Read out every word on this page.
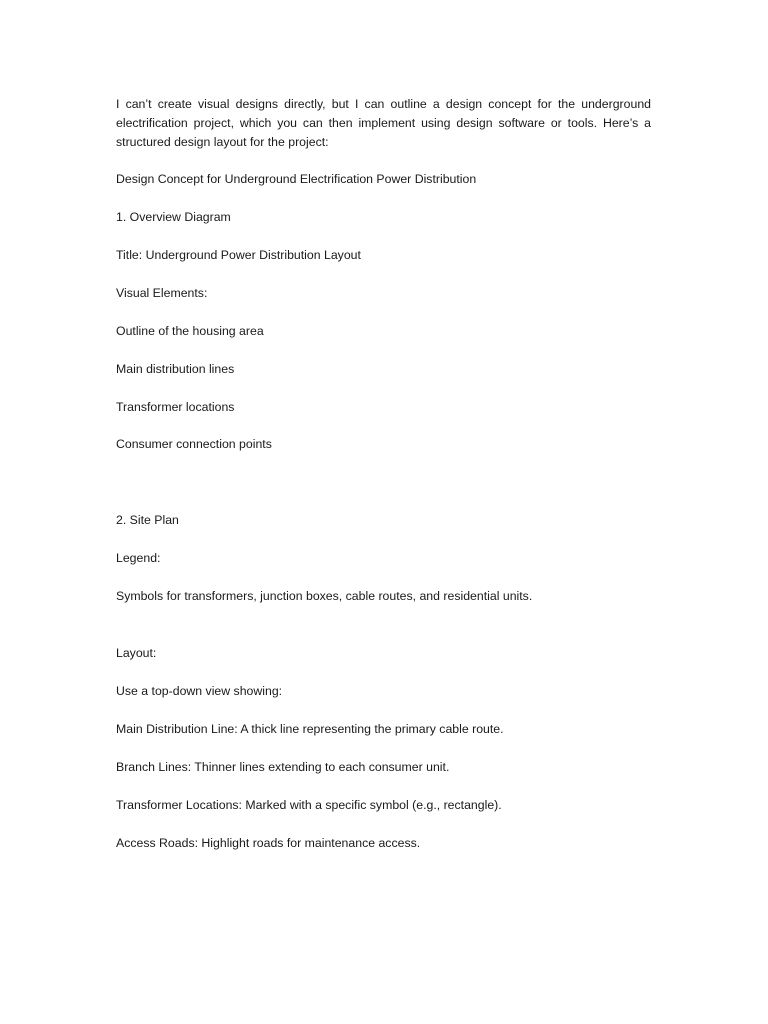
I can’t create visual designs directly, but I can outline a design concept for the underground electrification project, which you can then implement using design software or tools. Here’s a structured design layout for the project:

Design Concept for Underground Electrification Power Distribution

1. Overview Diagram

Title: Underground Power Distribution Layout

Visual Elements:

Outline of the housing area

Main distribution lines

Transformer locations

Consumer connection points

2. Site Plan

Legend:

Symbols for transformers, junction boxes, cable routes, and residential units.

Layout:

Use a top-down view showing:

Main Distribution Line: A thick line representing the primary cable route.

Branch Lines: Thinner lines extending to each consumer unit.

Transformer Locations: Marked with a specific symbol (e.g., rectangle).

Access Roads: Highlight roads for maintenance access.
